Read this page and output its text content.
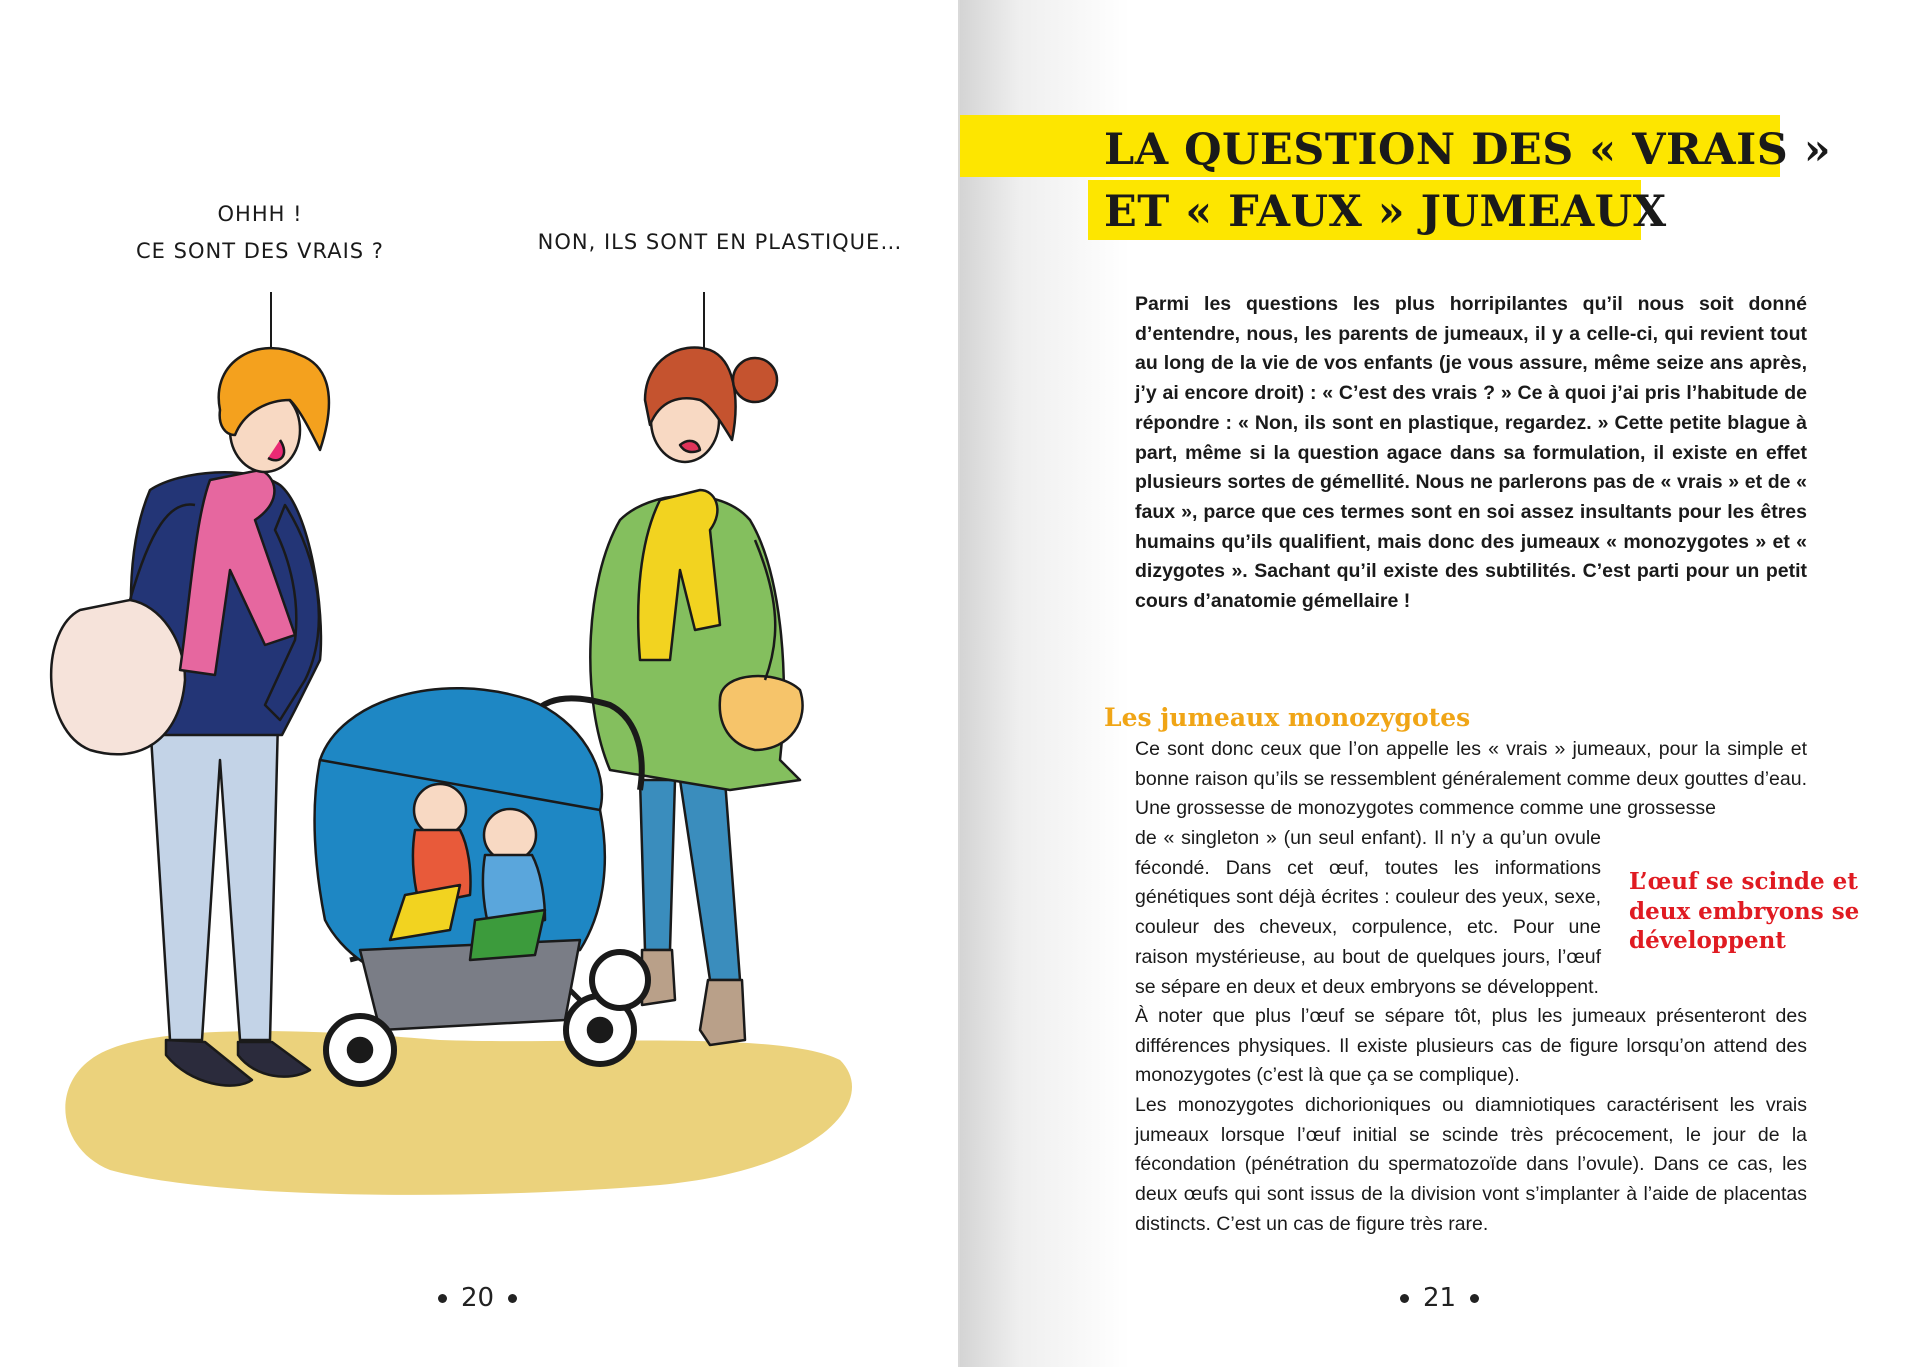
OHHH !
CE SONT DES VRAIS ?	NON, ILS SONT EN PLASTIQUE…
20
LA QUESTION DES « VRAIS »
ET « FAUX » JUMEAUX

Parmi les questions les plus horripilantes qu’il nous soit donné d’entendre, nous, les parents de jumeaux, il y a celle-ci, qui revient tout au long de la vie de vos enfants (je vous assure, même seize ans après, j’y ai encore droit) : « C’est des vrais ? » Ce à quoi j’ai pris l’habitude de répondre : « Non, ils sont en plastique, regardez. » Cette petite blague à part, même si la question agace dans sa formulation, il existe en effet plusieurs sortes de gémellité. Nous ne parlerons pas de « vrais » et de « faux », parce que ces termes sont en soi assez insultants pour les êtres humains qu’ils qualifient, mais donc des jumeaux « monozygotes » et « dizygotes ». Sachant qu’il existe des subtilités. C’est parti pour un petit cours d’anatomie gémellaire !

Les jumeaux monozygotes

Ce sont donc ceux que l’on appelle les « vrais » jumeaux, pour la simple et bonne raison qu’ils se ressemblent généralement comme deux gouttes d’eau. Une grossesse de monozygotes commence comme une grossesse

de « singleton » (un seul enfant). Il n’y a qu’un ovule fécondé. Dans cet œuf, toutes les informations génétiques sont déjà écrites : couleur des yeux, sexe, couleur des cheveux, corpulence, etc. Pour une raison mystérieuse, au bout de quelques jours, l’œuf se sépare en deux et deux embryons se développent.

L’œuf se scinde et deux embryons se développent

À noter que plus l’œuf se sépare tôt, plus les jumeaux présenteront des différences physiques. Il existe plusieurs cas de figure lorsqu’on attend des monozygotes (c’est là que ça se complique).

Les monozygotes dichorioniques ou diamniotiques caractérisent les vrais jumeaux lorsque l’œuf initial se scinde très précocement, le jour de la fécondation (pénétration du spermatozoïde dans l’ovule). Dans ce cas, les deux œufs qui sont issus de la division vont s’implanter à l’aide de placentas distincts. C’est un cas de figure très rare.

21
